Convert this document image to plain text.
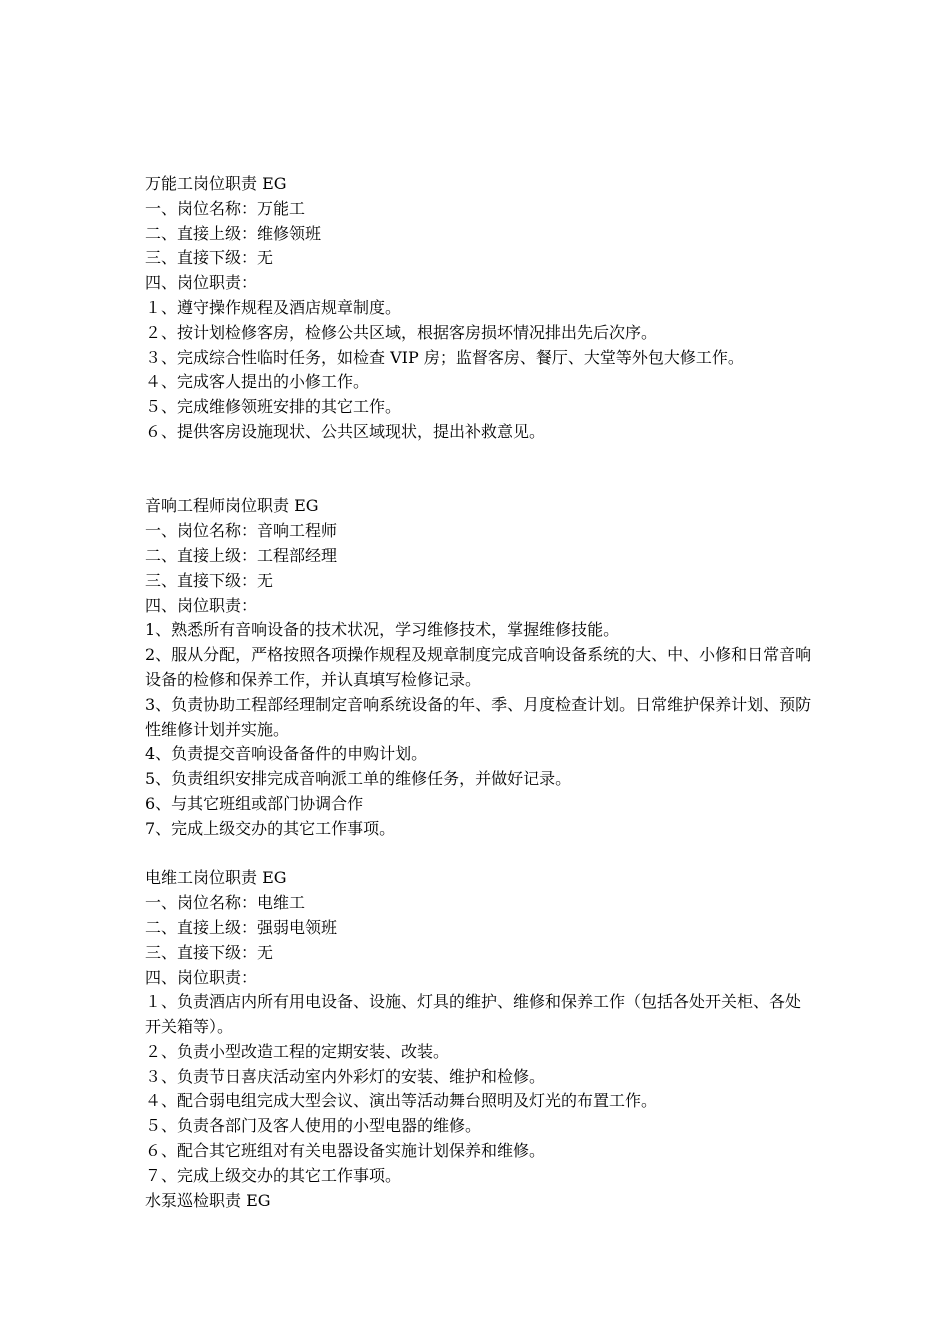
万能工岗位职责 EG
一、岗位名称：万能工
二、直接上级：维修领班
三、直接下级：无
四、岗位职责：
１、遵守操作规程及酒店规章制度。
２、按计划检修客房，检修公共区域，根据客房损坏情况排出先后次序。
３、完成综合性临时任务，如检查 VIP 房；监督客房、餐厅、大堂等外包大修工作。
４、完成客人提出的小修工作。
５、完成维修领班安排的其它工作。
６、提供客房设施现状、公共区域现状，提出补救意见。
音响工程师岗位职责 EG
一、岗位名称：音响工程师
二、直接上级：工程部经理
三、直接下级：无
四、岗位职责：
1、熟悉所有音响设备的技术状况，学习维修技术，掌握维修技能。
2、服从分配，严格按照各项操作规程及规章制度完成音响设备系统的大、中、小修和日常音响设备的检修和保养工作，并认真填写检修记录。
3、负责协助工程部经理制定音响系统设备的年、季、月度检查计划。日常维护保养计划、预防性维修计划并实施。
4、负责提交音响设备备件的申购计划。
5、负责组织安排完成音响派工单的维修任务，并做好记录。
6、与其它班组或部门协调合作
7、完成上级交办的其它工作事项。
电维工岗位职责 EG
一、岗位名称：电维工
二、直接上级：强弱电领班
三、直接下级：无
四、岗位职责：
１、负责酒店内所有用电设备、设施、灯具的维护、维修和保养工作（包括各处开关柜、各处开关箱等）。
２、负责小型改造工程的定期安装、改装。
３、负责节日喜庆活动室内外彩灯的安装、维护和检修。
４、配合弱电组完成大型会议、演出等活动舞台照明及灯光的布置工作。
５、负责各部门及客人使用的小型电器的维修。
６、配合其它班组对有关电器设备实施计划保养和维修。
７、完成上级交办的其它工作事项。
水泵巡检职责 EG
